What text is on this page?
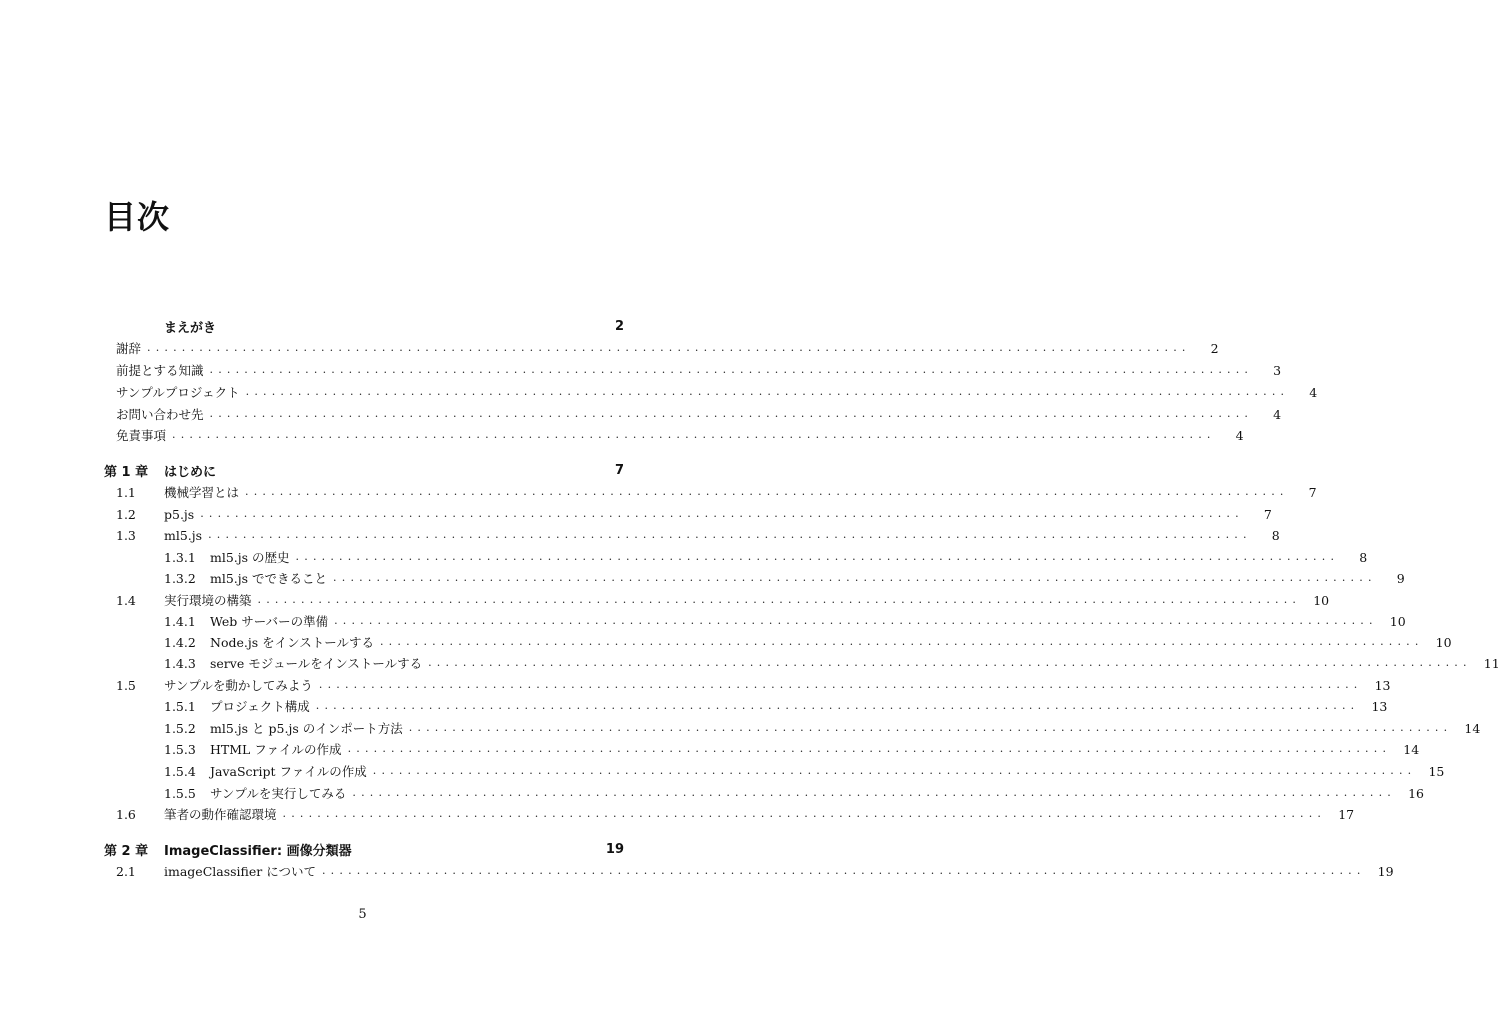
目次
まえがき	2
謝辞 ........................................................................................................................	2
前提とする知識 ........................................................................................................................	3
サンプルプロジェクト ........................................................................................................................	4
お問い合わせ先 ........................................................................................................................	4
免責事項 ........................................................................................................................	4
第 1 章	はじめに	7
1.1	機械学習とは ........................................................................................................................	7
1.2	p5.js ........................................................................................................................	7
1.3	ml5.js ........................................................................................................................	8
1.3.1	ml5.js の歴史 ........................................................................................................................	8
1.3.2	ml5.js でできること ........................................................................................................................	9
1.4	実行環境の構築 ........................................................................................................................ 10
1.4.1	Web サーバーの準備 ........................................................................................................................ 10
1.4.2	Node.js をインストールする ........................................................................................................................ 10
1.4.3	serve モジュールをインストールする ........................................................................................................................ 11
1.5	サンプルを動かしてみよう ........................................................................................................................ 13
1.5.1	プロジェクト構成 ........................................................................................................................ 13
1.5.2	ml5.js と p5.js のインポート方法 ........................................................................................................................ 14
1.5.3	HTML ファイルの作成 ........................................................................................................................ 14
1.5.4	JavaScript ファイルの作成 ........................................................................................................................ 15
1.5.5	サンプルを実行してみる ........................................................................................................................ 16
1.6	筆者の動作確認環境 ........................................................................................................................ 17
第 2 章	ImageClassifier: 画像分類器	19
2.1	imageClassifier について ........................................................................................................................ 19
5
